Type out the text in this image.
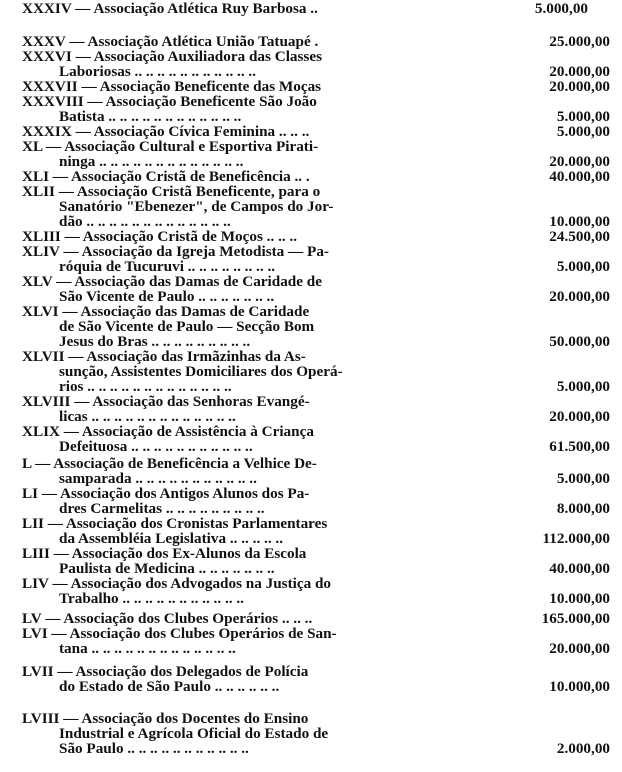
XXXIV — Associação Atlética Ruy Barbosa ..	5.000,00
XXXV — Associação Atlética União Tatuapé .	25.000,00
XXXVI — Associação Auxiliadora das Classes
Laboriosas .. .. .. .. .. .. .. .. .. .. ..	20.000,00
XXXVII — Associação Beneficente das Moças	20.000,00
XXXVIII — Associação Beneficente São João
Batista .. .. .. .. .. .. .. .. .. .. .. ..	5.000,00
XXXIX — Associação Cívica Feminina .. .. ..	5.000,00
XL — Associação Cultural e Esportiva Pirati-
ninga .. .. .. .. .. .. .. .. .. .. .. .. ..	20.000,00
XLI — Associação Cristã de Beneficência .. .	40.000,00
XLII — Associação Cristã Beneficente, para o
Sanatório "Ebenezer", de Campos do Jor-
dão .. .. .. .. .. .. .. .. .. .. .. .. ..	10.000,00
XLIII — Associação Cristã de Moços .. .. ..	24.500,00
XLIV — Associação da Igreja Metodista — Pa-
róquia de Tucuruvi .. .. .. .. .. .. .. ..	5.000,00
XLV — Associação das Damas de Caridade de
São Vicente de Paulo .. .. .. .. .. .. ..	20.000,00
XLVI — Associação das Damas de Caridade
de São Vicente de Paulo — Secção Bom
Jesus do Bras .. .. .. .. .. .. .. .. ..	50.000,00
XLVII — Associação das Irmãzinhas da As-
sunção, Assistentes Domiciliares dos Operá-
rios .. .. .. .. .. .. .. .. .. .. .. .. ..	5.000,00
XLVIII — Associação das Senhoras Evangé-
licas .. .. .. .. .. .. .. .. .. .. .. .. ..	20.000,00
XLIX — Associação de Assistência à Criança
Defeituosa .. .. .. .. .. .. .. .. .. .. ..	61.500,00
L — Associação de Beneficência a Velhice De-
samparada .. .. .. .. .. .. .. .. .. .. ..	5.000,00
LI — Associação dos Antigos Alunos dos Pa-
dres Carmelitas .. .. .. .. .. .. .. .. ..	8.000,00
LII — Associação dos Cronistas Parlamentares
da Assembléia Legislativa .. .. .. .. ..	112.000,00
LIII — Associação dos Ex-Alunos da Escola
Paulista de Medicina .. .. .. .. .. .. ..	40.000,00
LIV — Associação dos Advogados na Justiça do
Trabalho .. .. .. .. .. .. .. .. .. .. ..	10.000,00
LV — Associação dos Clubes Operários .. .. ..	165.000,00
LVI — Associação dos Clubes Operários de San-
tana .. .. .. .. .. .. .. .. .. .. .. .. ..	20.000,00
LVII — Associação dos Delegados de Polícia
do Estado de São Paulo .. .. .. .. .. ..	10.000,00
LVIII — Associação dos Docentes do Ensino
Industrial e Agrícola Oficial do Estado de
São Paulo .. .. .. .. .. .. .. .. .. .. ..	2.000,00
